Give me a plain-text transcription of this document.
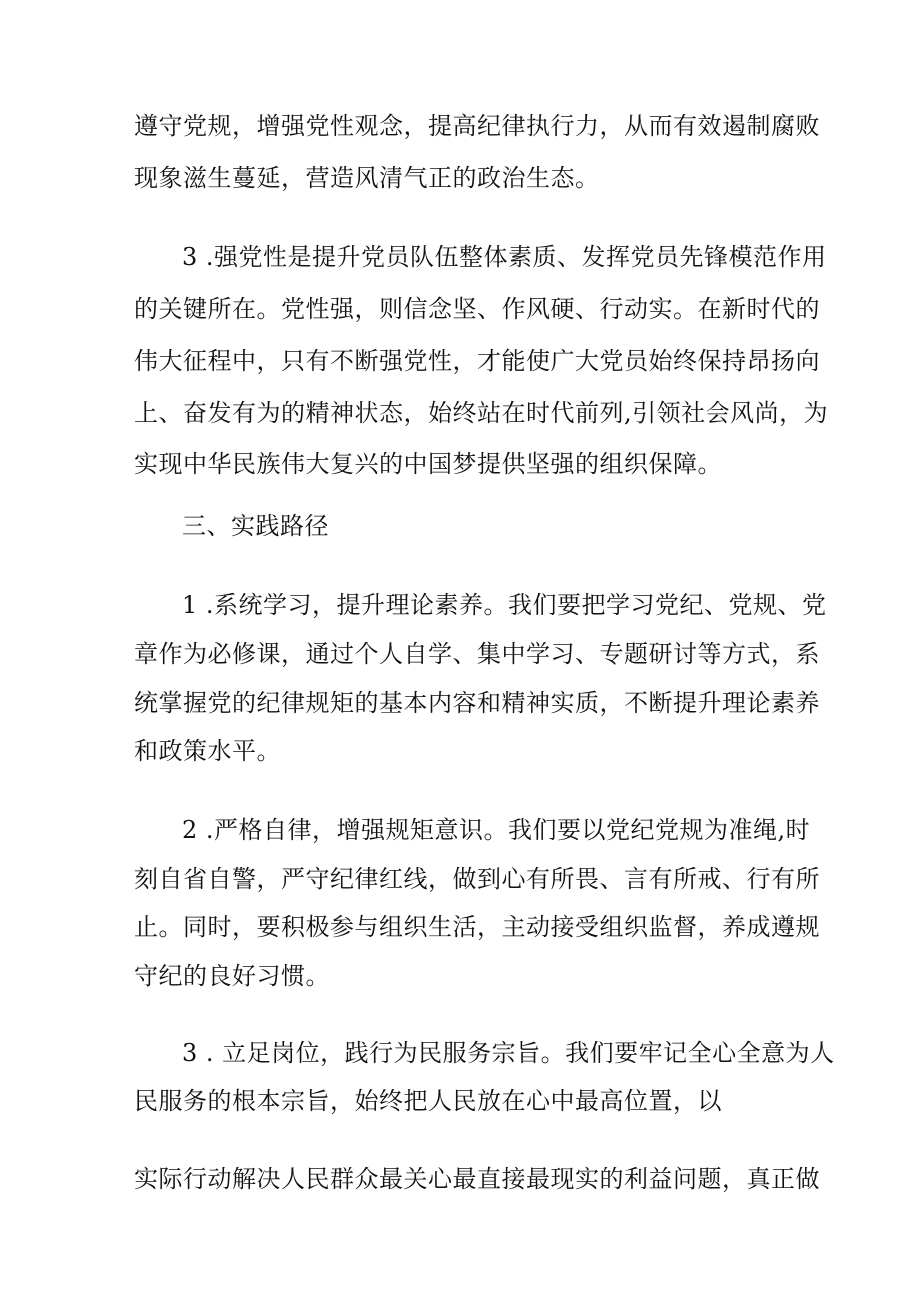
遵守党规，增强党性观念，提高纪律执行力，从而有效遏制腐败
现象滋生蔓延，营造风清气正的政治生态。
3 .强党性是提升党员队伍整体素质、发挥党员先锋模范作用
的关键所在。党性强，则信念坚、作风硬、行动实。在新时代的
伟大征程中，只有不断强党性，才能使广大党员始终保持昂扬向
上、奋发有为的精神状态，始终站在时代前列,引领社会风尚，为
实现中华民族伟大复兴的中国梦提供坚强的组织保障。
三、实践路径
1 .系统学习，提升理论素养。我们要把学习党纪、党规、党
章作为必修课，通过个人自学、集中学习、专题研讨等方式，系
统掌握党的纪律规矩的基本内容和精神实质，不断提升理论素养
和政策水平。
2 .严格自律，增强规矩意识。我们要以党纪党规为准绳,时
刻自省自警，严守纪律红线，做到心有所畏、言有所戒、行有所
止。同时，要积极参与组织生活，主动接受组织监督，养成遵规
守纪的良好习惯。
3 . 立足岗位，践行为民服务宗旨。我们要牢记全心全意为人
民服务的根本宗旨，始终把人民放在心中最高位置，以
实际行动解决人民群众最关心最直接最现实的利益问题，真正做
